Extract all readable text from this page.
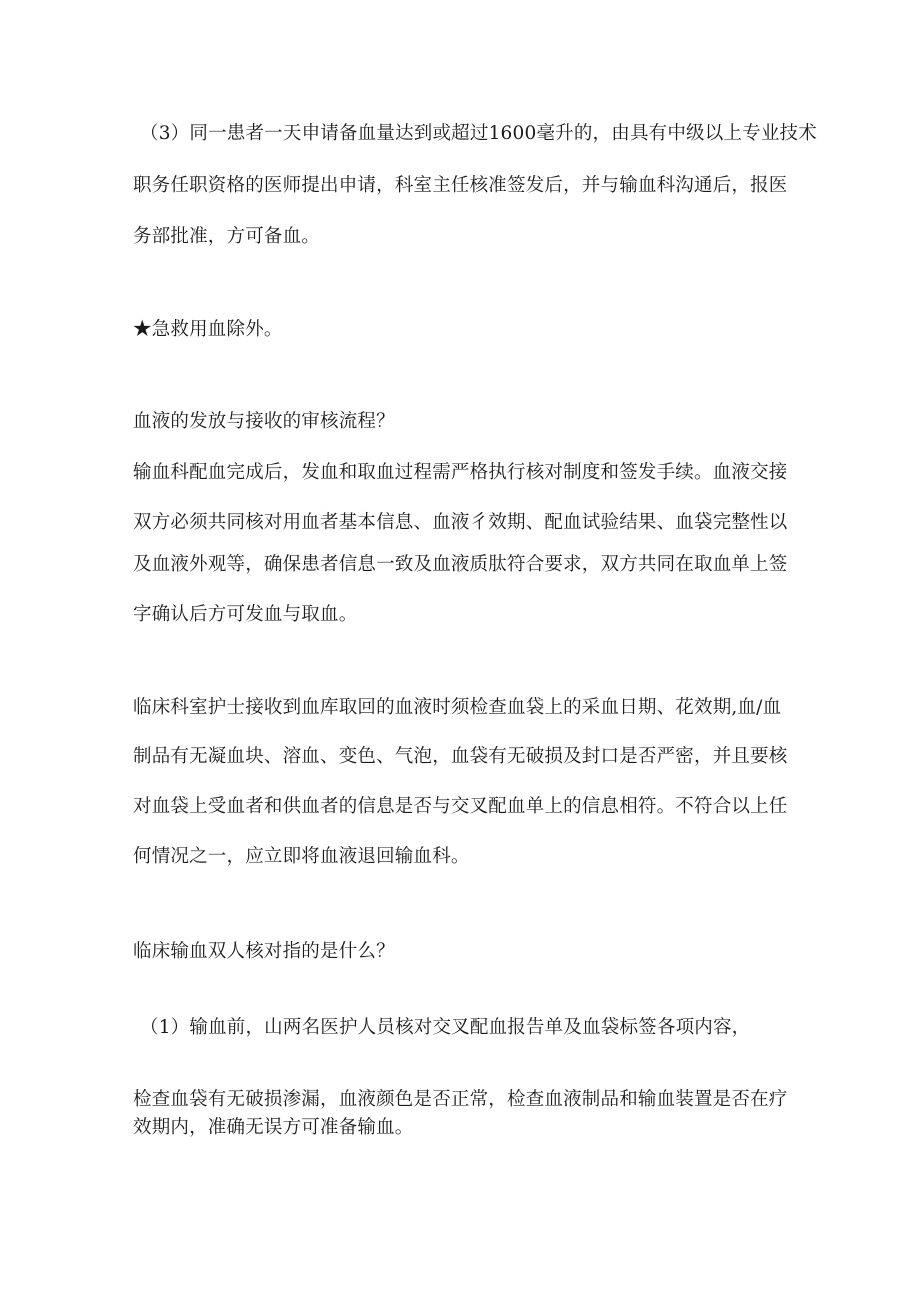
（3）同一患者一天申请备血量达到或超过1600毫升的，由具有中级以上专业技术
职务任职资格的医师提出申请，科室主任核准签发后，并与输血科沟通后，报医
务部批准，方可备血。
★急救用血除外。
血液的发放与接收的审核流程？
输血科配血完成后，发血和取血过程需严格执行核对制度和签发手续。血液交接
双方必须共同核对用血者基本信息、血液彳效期、配血试验结果、血袋完整性以
及血液外观等，确保患者信息一致及血液质肽符合要求，双方共同在取血单上签
字确认后方可发血与取血。
临床科室护士接收到血库取回的血液时须检查血袋上的采血日期、花效期,血/血
制品有无凝血块、溶血、变色、气泡，血袋有无破损及封口是否严密，并且要核
对血袋上受血者和供血者的信息是否与交叉配血单上的信息相符。不符合以上任
何情况之一，应立即将血液退回输血科。
临床输血双人核对指的是什么？
（1）输血前，山两名医护人员核对交叉配血报告单及血袋标签各项内容，
检查血袋有无破损渗漏，血液颜色是否正常，检查血液制品和输血装置是否在疗
效期内，准确无误方可准备输血。
